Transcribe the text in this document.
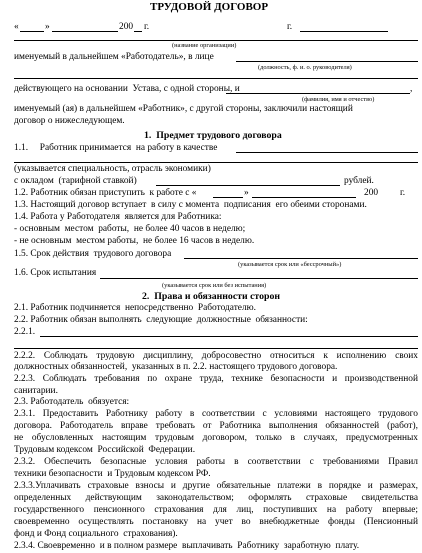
ТРУДОВОЙ ДОГОВОР
«	»	200 г.	г.
(название организации)
именуемый в дальнейшем «Работодатель», в лице
(должность, ф. и. о. руководителя)
действующего на основании  Устава, с одной стороны, и	,
(фамилия, имя и отчество)
именуемый (ая) в дальнейшем «Работник», с другой стороны, заключили настоящий
договор о нижеследующем.
1.  Предмет трудового договора
1.1.     Работник принимается  на работу в качестве
(указывается специальность, отрасль экономики)
с окладом  (тарифной ставкой)	рублей.
1.2. Работник обязан приступить  к работе с «	»	200 г.
1.3. Настоящий договор вступает  в силу с момента  подписания  его обеими сторонами.
1.4. Работа у Работодателя  является для Работника:
- основным  местом  работы,  не более 40 часов в неделю;
- не основным  местом работы,  не более 16 часов в неделю.
1.5. Срок действия  трудового договора
(указывается срок или «бессрочный»)
1.6. Срок испытания
(указывается срок или без испытания)
2.  Права и обязанности сторон
2.1. Работник подчиняется  непосредственно  Работодателю.
2.2. Работник обязан выполнять  следующие  должностные  обязанности:
2.2.1.
2.2.2. Соблюдать трудовую дисциплину, добросовестно относиться к исполнению своих
должностных обязанностей,  указанных в п. 2.2. настоящего трудового договора.
2.2.3. Соблюдать требования по охране труда, технике безопасности и производственной
санитарии.
2.3. Работодатель  обязуется:
2.3.1. Предоставить Работнику работу в соответствии с условиями настоящего трудового
договора. Работодатель вправе требовать от Работника выполнения обязанностей (работ),
не обусловленных настоящим трудовым договором, только в случаях, предусмотренных
Трудовым кодексом  Российской  Федерации.
2.3.2. Обеспечить безопасные условия работы в соответствии с требованиями Правил
техники безопасности  и Трудовым кодексом РФ.
2.3.3.Уплачивать страховые взносы и другие обязательные платежи в порядке и размерах,
определенных действующим законодательством; оформлять страховые свидетельства
государственного пенсионного страхования для лиц, поступивших на работу впервые;
своевременно осуществлять постановку на учет во внебюджетные фонды (Пенсионный
фонд и Фонд социального  страхования).
2.3.4. Своевременно  и в полном размере  выплачивать  Работнику  заработную  плату.
